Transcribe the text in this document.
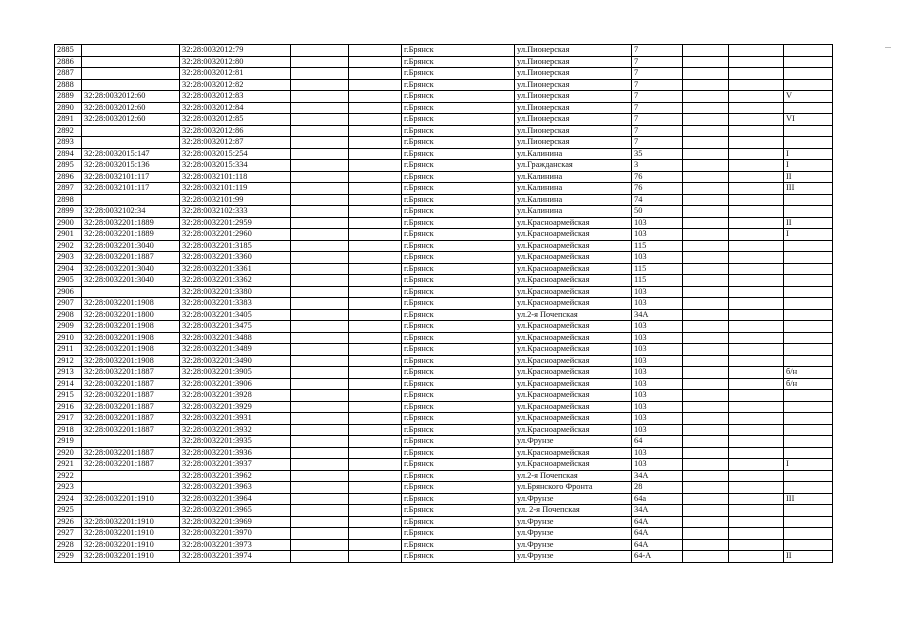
2885		32:28:0032012:79			г.Брянск	ул.Пионерская	7			
2886		32:28:0032012:80			г.Брянск	ул.Пионерская	7			
2887		32:28:0032012:81			г.Брянск	ул.Пионерская	7			
2888		32:28:0032012:82			г.Брянск	ул.Пионерская	7			
2889	32:28:0032012:60	32:28:0032012:83			г.Брянск	ул.Пионерская	7			V
2890	32:28:0032012:60	32:28:0032012:84			г.Брянск	ул.Пионерская	7			
2891	32:28:0032012:60	32:28:0032012:85			г.Брянск	ул.Пионерская	7			VI
2892		32:28:0032012:86			г.Брянск	ул.Пионерская	7			
2893		32:28:0032012:87			г.Брянск	ул.Пионерская	7			
2894	32:28:0032015:147	32:28:0032015:254			г.Брянск	ул.Калинина	35			I
2895	32:28:0032015:136	32:28:0032015:334			г.Брянск	ул.Гражданская	3			I
2896	32:28:0032101:117	32:28:0032101:118			г.Брянск	ул.Калинина	76			II
2897	32:28:0032101:117	32:28:0032101:119			г.Брянск	ул.Калинина	76			III
2898		32:28:0032101:99			г.Брянск	ул.Калинина	74			
2899	32:28:0032102:34	32:28:0032102:333			г.Брянск	ул.Калинина	50			
2900	32:28:0032201:1889	32:28:0032201:2959			г.Брянск	ул.Красноармейская	103			II
2901	32:28:0032201:1889	32:28:0032201:2960			г.Брянск	ул.Красноармейская	103			I
2902	32:28:0032201:3040	32:28:0032201:3185			г.Брянск	ул.Красноармейская	115			
2903	32:28:0032201:1887	32:28:0032201:3360			г.Брянск	ул.Красноармейская	103			
2904	32:28:0032201:3040	32:28:0032201:3361			г.Брянск	ул.Красноармейская	115			
2905	32:28:0032201:3040	32:28:0032201:3362			г.Брянск	ул.Красноармейская	115			
2906		32:28:0032201:3380			г.Брянск	ул.Красноармейская	103			
2907	32:28:0032201:1908	32:28:0032201:3383			г.Брянск	ул.Красноармейская	103			
2908	32:28:0032201:1800	32:28:0032201:3405			г.Брянск	ул.2-я Почепская	34А			
2909	32:28:0032201:1908	32:28:0032201:3475			г.Брянск	ул.Красноармейская	103			
2910	32:28:0032201:1908	32:28:0032201:3488			г.Брянск	ул.Красноармейская	103			
2911	32:28:0032201:1908	32:28:0032201:3489			г.Брянск	ул.Красноармейская	103			
2912	32:28:0032201:1908	32:28:0032201:3490			г.Брянск	ул.Красноармейская	103			
2913	32:28:0032201:1887	32:28:0032201:3905			г.Брянск	ул.Красноармейская	103			б/н
2914	32:28:0032201:1887	32:28:0032201:3906			г.Брянск	ул.Красноармейская	103			б/н
2915	32:28:0032201:1887	32:28:0032201:3928			г.Брянск	ул.Красноармейская	103			
2916	32:28:0032201:1887	32:28:0032201:3929			г.Брянск	ул.Красноармейская	103			
2917	32:28:0032201:1887	32:28:0032201:3931			г.Брянск	ул.Красноармейская	103			
2918	32:28:0032201:1887	32:28:0032201:3932			г.Брянск	ул.Красноармейская	103			
2919		32:28:0032201:3935			г.Брянск	ул.Фрунзе	64			
2920	32:28:0032201:1887	32:28:0032201:3936			г.Брянск	ул.Красноармейская	103			
2921	32:28:0032201:1887	32:28:0032201:3937			г.Брянск	ул.Красноармейская	103			I
2922		32:28:0032201:3962			г.Брянск	ул.2-я Почепская	34А			
2923		32:28:0032201:3963			г.Брянск	ул.Брянского Фронта	28			
2924	32:28:0032201:1910	32:28:0032201:3964			г.Брянск	ул.Фрунзе	64а			III
2925		32:28:0032201:3965			г.Брянск	ул. 2-я Почепская	34А			
2926	32:28:0032201:1910	32:28:0032201:3969			г.Брянск	ул.Фрунзе	64А			
2927	32:28:0032201:1910	32:28:0032201:3970			г.Брянск	ул.Фрунзе	64А			
2928	32:28:0032201:1910	32:28:0032201:3973			г.Брянск	ул.Фрунзе	64А			
2929	32:28:0032201:1910	32:28:0032201:3974			г.Брянск	ул.Фрунзе	64-А			II
